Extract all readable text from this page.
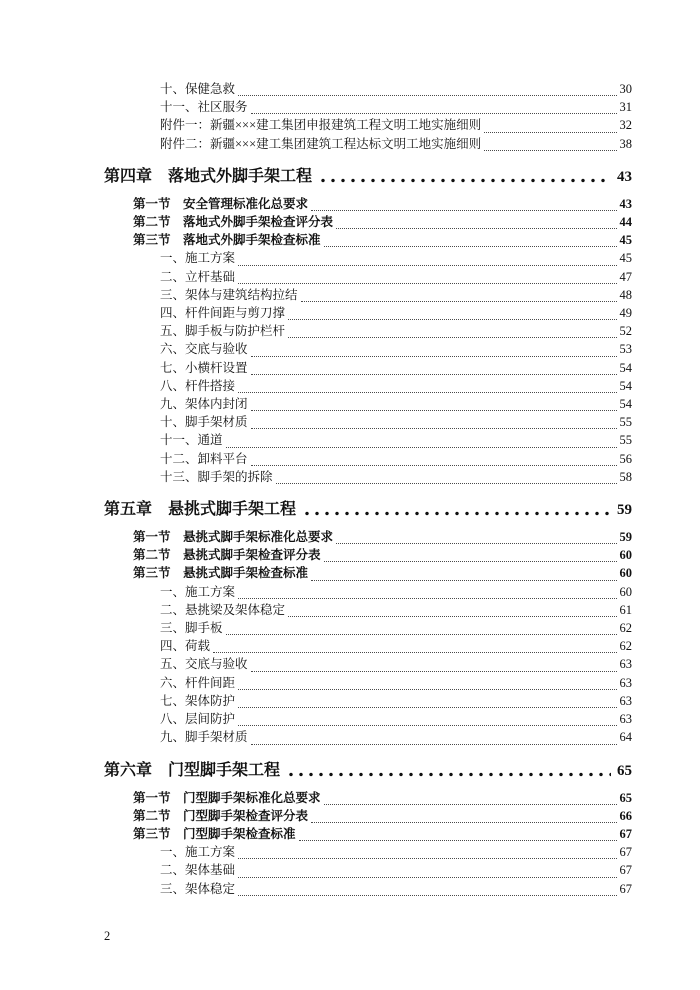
十、保健急救	30
十一、社区服务	31
附件一：新疆×××建工集团申报建筑工程文明工地实施细则	32
附件二：新疆×××建工集团建筑工程达标文明工地实施细则	38
第四章　落地式外脚手架工程	43
第一节　安全管理标准化总要求	43
第二节　落地式外脚手架检查评分表	44
第三节　落地式外脚手架检查标准	45
一、施工方案	45
二、立杆基础	47
三、架体与建筑结构拉结	48
四、杆件间距与剪刀撑	49
五、脚手板与防护栏杆	52
六、交底与验收	53
七、小横杆设置	54
八、杆件搭接	54
九、架体内封闭	54
十、脚手架材质	55
十一、通道	55
十二、卸料平台	56
十三、脚手架的拆除	58
第五章　悬挑式脚手架工程	59
第一节　悬挑式脚手架标准化总要求	59
第二节　悬挑式脚手架检查评分表	60
第三节　悬挑式脚手架检查标准	60
一、施工方案	60
二、悬挑梁及架体稳定	61
三、脚手板	62
四、荷载	62
五、交底与验收	63
六、杆件间距	63
七、架体防护	63
八、层间防护	63
九、脚手架材质	64
第六章　门型脚手架工程	65
第一节　门型脚手架标准化总要求	65
第二节　门型脚手架检查评分表	66
第三节　门型脚手架检查标准	67
一、施工方案	67
二、架体基础	67
三、架体稳定	67
2
